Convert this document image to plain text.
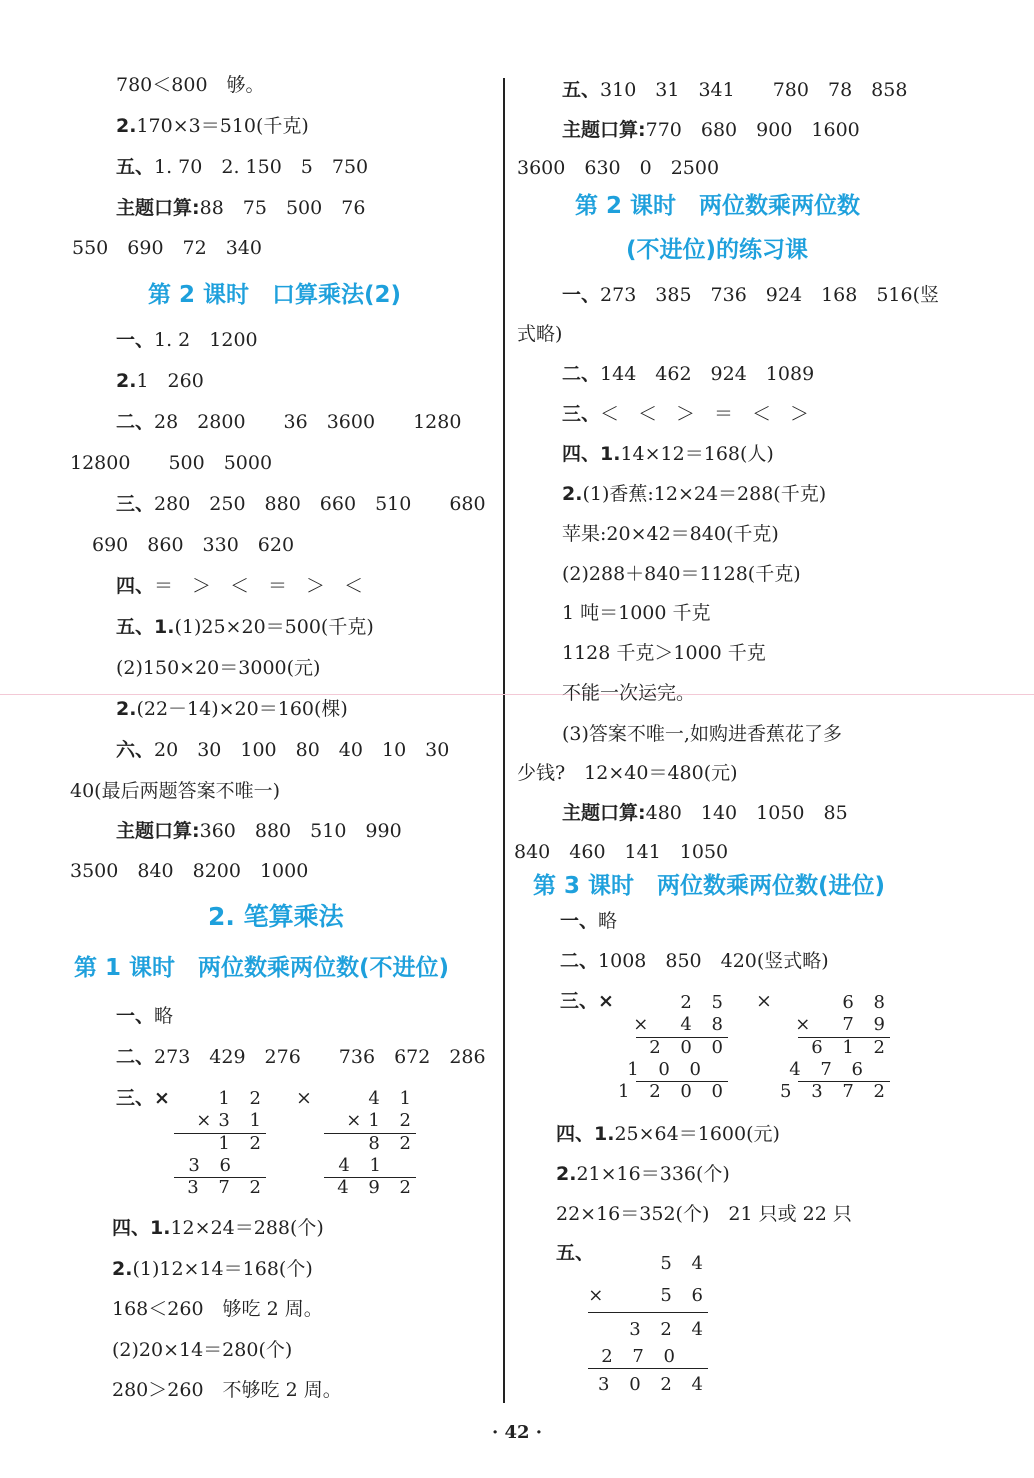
780＜800　够。
2.170×3＝510(千克)
五、1. 70　2. 150　5　750
主题口算:88　75　500　76
550　690　72　340
第 2 课时　口算乘法(2)
一、1. 2　1200
2.1　260
二、28　2800　　36　3600　　1280
12800　　500　5000
三、280　250　880　660　510　　680
690　860　330　620
四、＝　＞　＜　＝　＞　＜
五、1.(1)25×20＝500(千克)
(2)150×20＝3000(元)
2.(22－14)×20＝160(棵)
六、20　30　100　80　40　10　30
40(最后两题答案不唯一)
主题口算:360　880　510　990
3500　840　8200　1000
2. 笔算乘法
第 1 课时　两位数乘两位数(不进位)
一、略
二、273　429　276　　736　672　286
三、×	×
1 2
×3 1
1 2
3 6
3 7 2
4 1
×1 2
8 2
4 1
4 9 2
四、1.12×24＝288(个)
2.(1)12×14＝168(个)
168＜260　够吃 2 周。
(2)20×14＝280(个)
280＞260　不够吃 2 周。
五、310　31　341　　780　78　858
主题口算:770　680　900　1600
3600　630　0　2500
第 2 课时　两位数乘两位数
(不进位)的练习课
一、273　385　736　924　168　516(竖
式略)
二、144　462　924　1089
三、＜　＜　＞　＝　＜　＞
四、1.14×12＝168(人)
2.(1)香蕉:12×24＝288(千克)
苹果:20×42＝840(千克)
(2)288＋840＝1128(千克)
1 吨＝1000 千克
1128 千克＞1000 千克
不能一次运完。
(3)答案不唯一,如购进香蕉花了多
少钱?　12×40＝480(元)
主题口算:480　140　1050　85
840　460　141　1050
第 3 课时　两位数乘两位数(进位)
一、略
二、1008　850　420(竖式略)
三、×	×
2 5
×　4 8
2 0 0
1 0 0
1 2 0 0
6 8
×　7 9
6 1 2
4 7 6
5 3 7 2
四、1.25×64＝1600(元)
2.21×16＝336(个)
22×16＝352(个)　21 只或 22 只
五、	5 4
×　　5 6
3 2 4
2 7 0
3 0 2 4
· 42 ·
